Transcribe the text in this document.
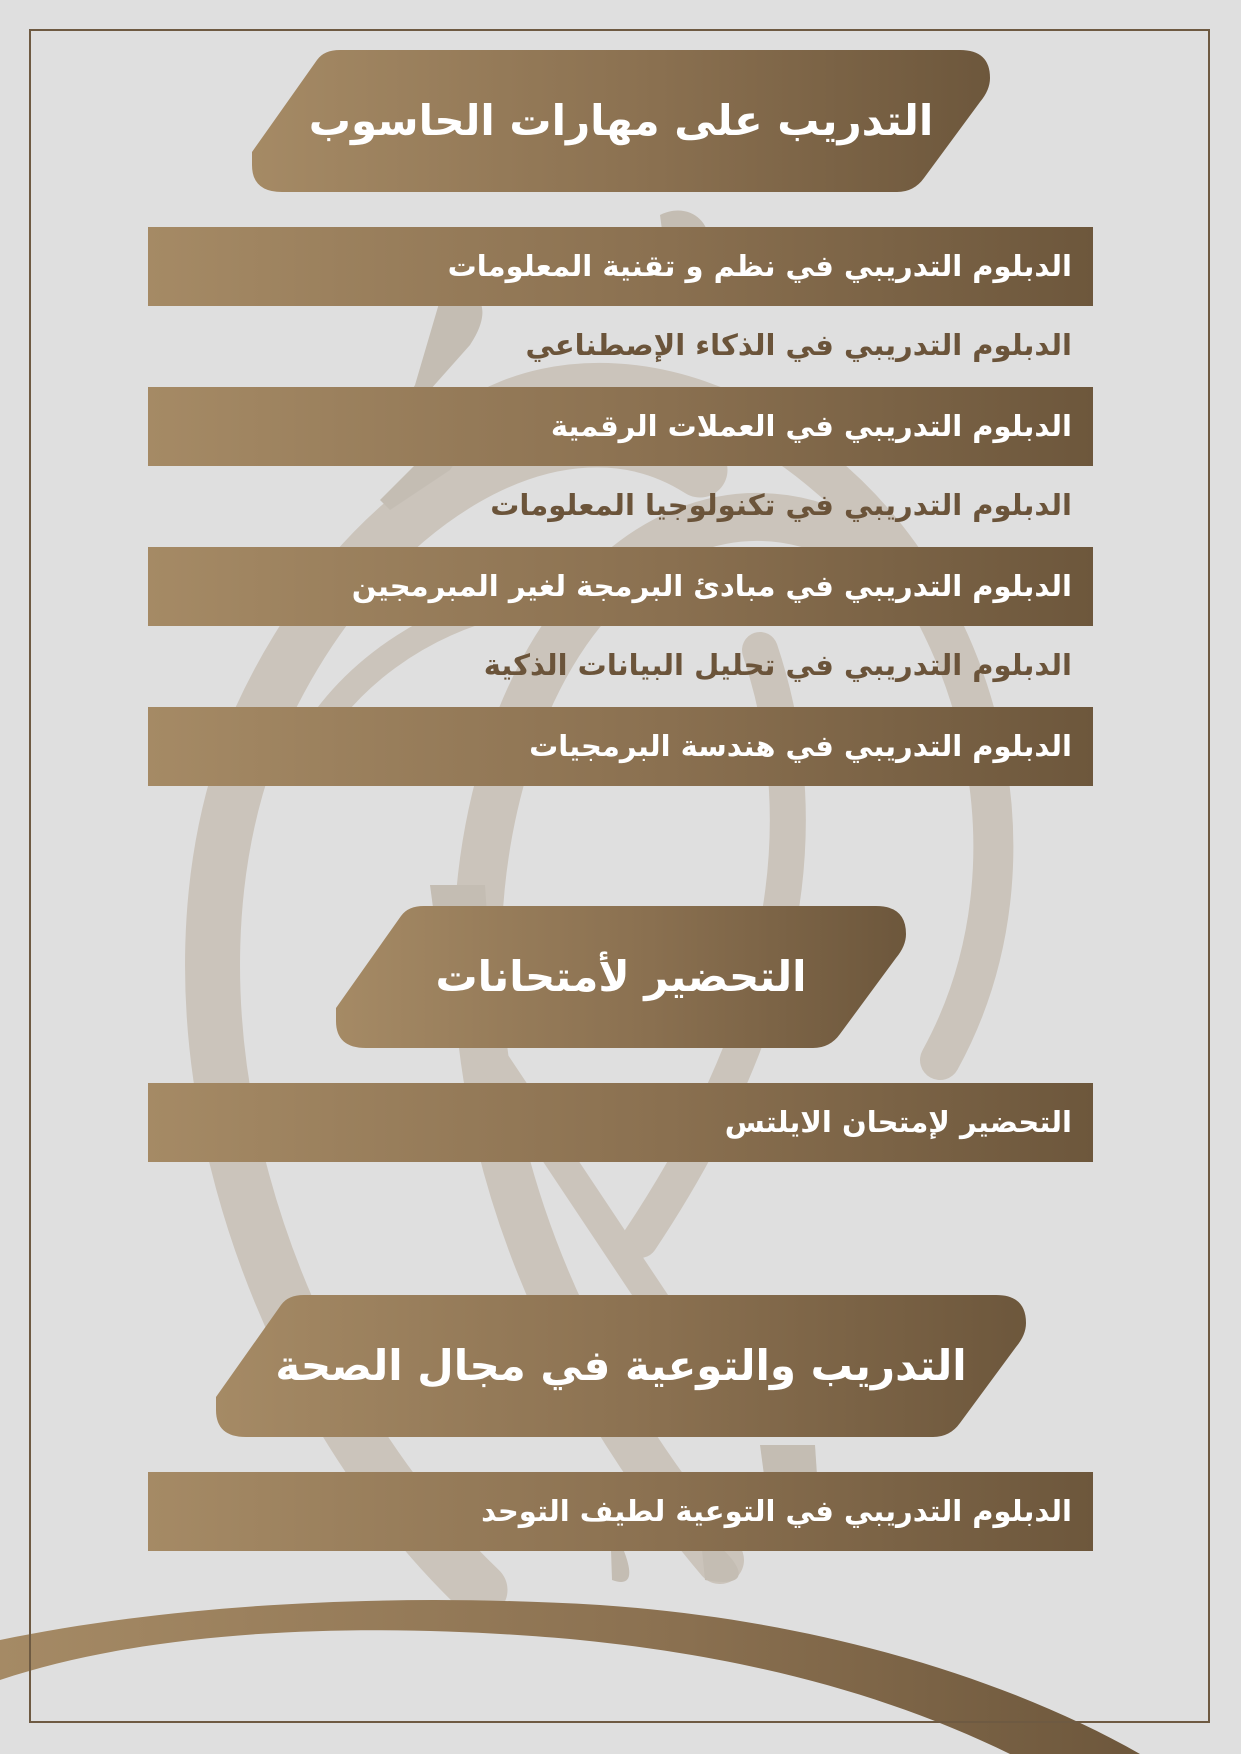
التدريب على مهارات الحاسوب
الدبلوم التدريبي في نظم و تقنية المعلومات
الدبلوم التدريبي في الذكاء الإصطناعي
الدبلوم التدريبي في العملات الرقمية
الدبلوم التدريبي في تكنولوجيا المعلومات
الدبلوم التدريبي في مبادئ البرمجة لغير المبرمجين
الدبلوم التدريبي في تحليل البيانات الذكية
الدبلوم التدريبي في هندسة البرمجيات
التحضير لأمتحانات
التحضير لإمتحان الايلتس
التدريب والتوعية في مجال الصحة
الدبلوم التدريبي في التوعية لطيف التوحد
